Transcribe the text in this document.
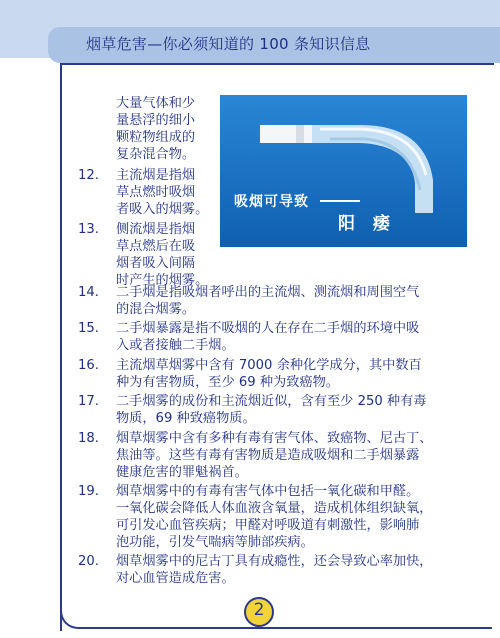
烟草危害—你必须知道的 100 条知识信息
大量气体和少
量悬浮的细小
颗粒物组成的
复杂混合物。
12. 主流烟是指烟
草点燃时吸烟
者吸入的烟雾。
13. 侧流烟是指烟
草点燃后在吸
烟者吸入间隔
时产生的烟雾。
吸烟可导致
阳 痿
14. 二手烟是指吸烟者呼出的主流烟、测流烟和周围空气
的混合烟雾。
15. 二手烟暴露是指不吸烟的人在存在二手烟的环境中吸
入或者接触二手烟。
16. 主流烟草烟雾中含有 7000 余种化学成分，其中数百
种为有害物质，至少 69 种为致癌物。
17. 二手烟雾的成份和主流烟近似，含有至少 250 种有毒
物质，69 种致癌物质。
18. 烟草烟雾中含有多种有毒有害气体、致癌物、尼古丁、
焦油等。这些有毒有害物质是造成吸烟和二手烟暴露
健康危害的罪魁祸首。
19. 烟草烟雾中的有毒有害气体中包括一氧化碳和甲醛。
一氧化碳会降低人体血液含氧量，造成机体组织缺氧，
可引发心血管疾病；甲醛对呼吸道有刺激性，影响肺
泡功能，引发气喘病等肺部疾病。
20. 烟草烟雾中的尼古丁具有成瘾性，还会导致心率加快，
对心血管造成危害。
2
